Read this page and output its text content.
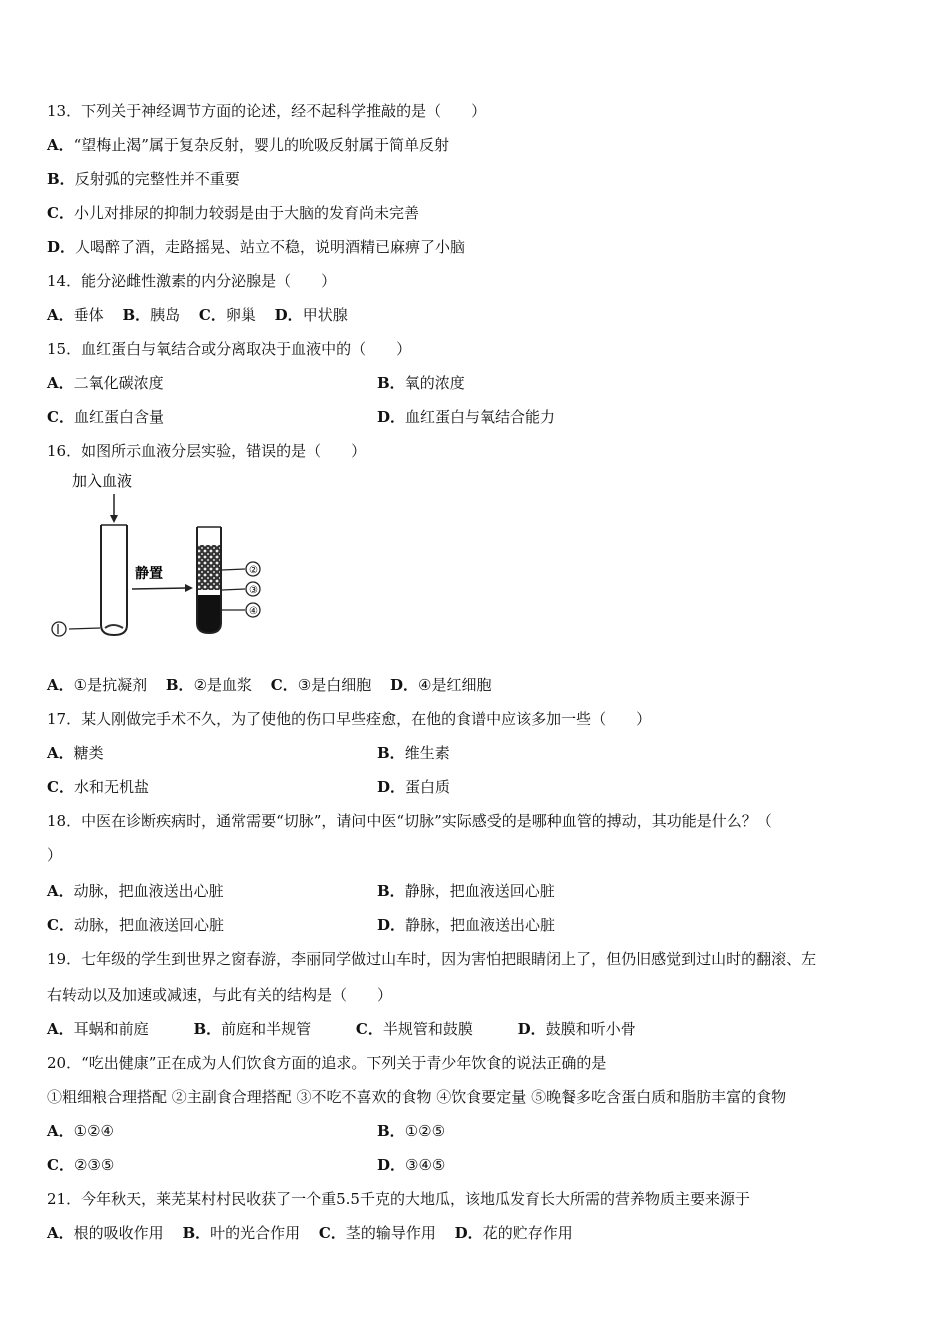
13．下列关于神经调节方面的论述，经不起科学推敲的是（　　）
A．“望梅止渴”属于复杂反射，婴儿的吮吸反射属于简单反射
B．反射弧的完整性并不重要
C．小儿对排尿的抑制力较弱是由于大脑的发育尚未完善
D．人喝醉了酒，走路摇晃、站立不稳，说明酒精已麻痹了小脑
14．能分泌雌性激素的内分泌腺是（　　）
A．垂体 B．胰岛 C．卵巢 D．甲状腺
15．血红蛋白与氧结合或分离取决于血液中的（　　）
A．二氧化碳浓度	B．氧的浓度
C．血红蛋白含量	D．血红蛋白与氧结合能力
16．如图所示血液分层实验，错误的是（　　）
加入血液
静置	②
③
④
A．①是抗凝剂 B．②是血浆 C．③是白细胞 D．④是红细胞
17．某人刚做完手术不久，为了使他的伤口早些痊愈，在他的食谱中应该多加一些（　　）
A．糖类	B．维生素
C．水和无机盐	D．蛋白质
18．中医在诊断疾病时，通常需要“切脉”，请问中医“切脉”实际感受的是哪种血管的搏动，其功能是什么？（
）
A．动脉，把血液送出心脏	B．静脉，把血液送回心脏
C．动脉，把血液送回心脏	D．静脉，把血液送出心脏
19．七年级的学生到世界之窗春游，李丽同学做过山车时，因为害怕把眼睛闭上了，但仍旧感觉到过山时的翻滚、左
右转动以及加速或减速，与此有关的结构是（　　）
A．耳蜗和前庭	B．前庭和半规管	C．半规管和鼓膜	D．鼓膜和听小骨
20．“吃出健康”正在成为人们饮食方面的追求。下列关于青少年饮食的说法正确的是
①粗细粮合理搭配 ②主副食合理搭配 ③不吃不喜欢的食物 ④饮食要定量 ⑤晚餐多吃含蛋白质和脂肪丰富的食物
A．①②④	B．①②⑤
C．②③⑤	D．③④⑤
21．今年秋天，莱芜某村村民收获了一个重5.5千克的大地瓜，该地瓜发育长大所需的营养物质主要来源于
A．根的吸收作用 B．叶的光合作用 C．茎的输导作用 D．花的贮存作用
